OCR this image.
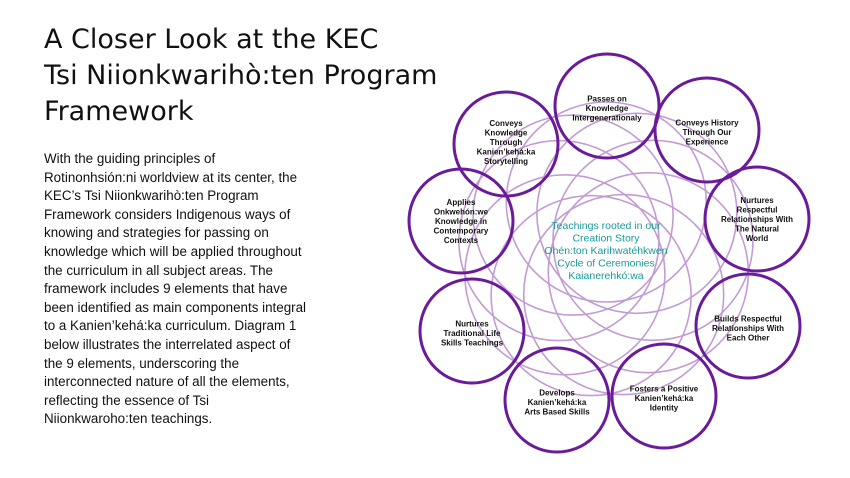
A Closer Look at the KEC
Tsi Niionkwarihò:ten Program
Framework
With the guiding principles of
Rotinonhsión:ni worldview at its center, the
KEC’s Tsi Niionkwarihò:ten Program
Framework considers Indigenous ways of
knowing and strategies for passing on
knowledge which will be applied throughout
the curriculum in all subject areas. The
framework includes 9 elements that have
been identified as main components integral
to a Kanien’kehá:ka curriculum. Diagram 1
below illustrates the interrelated aspect of
the 9 elements, underscoring the
interconnected nature of all the elements,
reflecting the essence of Tsi
Niionkwaroho:ten teachings.
Passes on Knowledge Intergenerationaly
Conveys History Through Our Experience
Nurtures Respectful Relationships With The Natural World
Builds Respectful Relationships With Each Other
Fosters a Positive Kanien’kehá:ka Identity
Develops Kanien’kehá:ka Arts Based Skills
Nurtures Traditional Life Skills Teachings
Applies Onkwehón:we Knowledge in Contemporary Contexts
Conveys Knowledge Through Kanien’kehá:ka Storytelling
Teachings rooted in our Creation Story Ohén:ton Karihwatéhkwen Cycle of Ceremonies Kaianerehkó:wa
